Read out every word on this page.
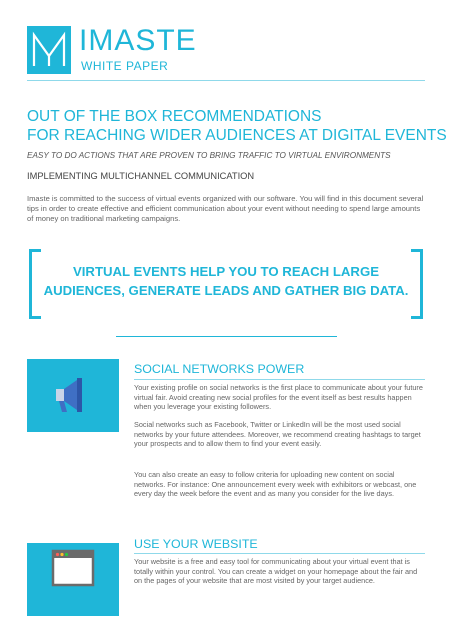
IMASTE
WHITE PAPER
OUT OF THE BOX RECOMMENDATIONS
FOR REACHING WIDER AUDIENCES AT DIGITAL EVENTS
EASY TO DO ACTIONS THAT ARE PROVEN TO BRING TRAFFIC TO VIRTUAL ENVIRONMENTS
IMPLEMENTING MULTICHANNEL COMMUNICATION
Imaste is committed to the success of virtual events organized with our software. You will find in this document several tips in order to create effective and efficient communication about your event without needing to spend large amounts of money on traditional marketing campaigns.
VIRTUAL EVENTS HELP YOU TO REACH LARGE
AUDIENCES, GENERATE LEADS AND GATHER BIG DATA.
SOCIAL NETWORKS POWER
Your existing profile on social networks is the first place to communicate about your future virtual fair. Avoid creating new social profiles for the event itself as best results happen when you leverage your existing followers.
Social networks such as Facebook, Twitter or LinkedIn will be the most used social networks by your future attendees. Moreover, we recommend creating hashtags to target your prospects and to allow them to find your event easily.
You can also create an easy to follow criteria for uploading new content on social networks. For instance: One announcement every week with exhibitors or webcast, one every day the week before the event and as many you consider for the live days.
USE YOUR WEBSITE
Your website is a free and easy tool for communicating about your virtual event that is totally within your control. You can create a widget on your homepage about the fair and on the pages of your website that are most visited by your target audience.
